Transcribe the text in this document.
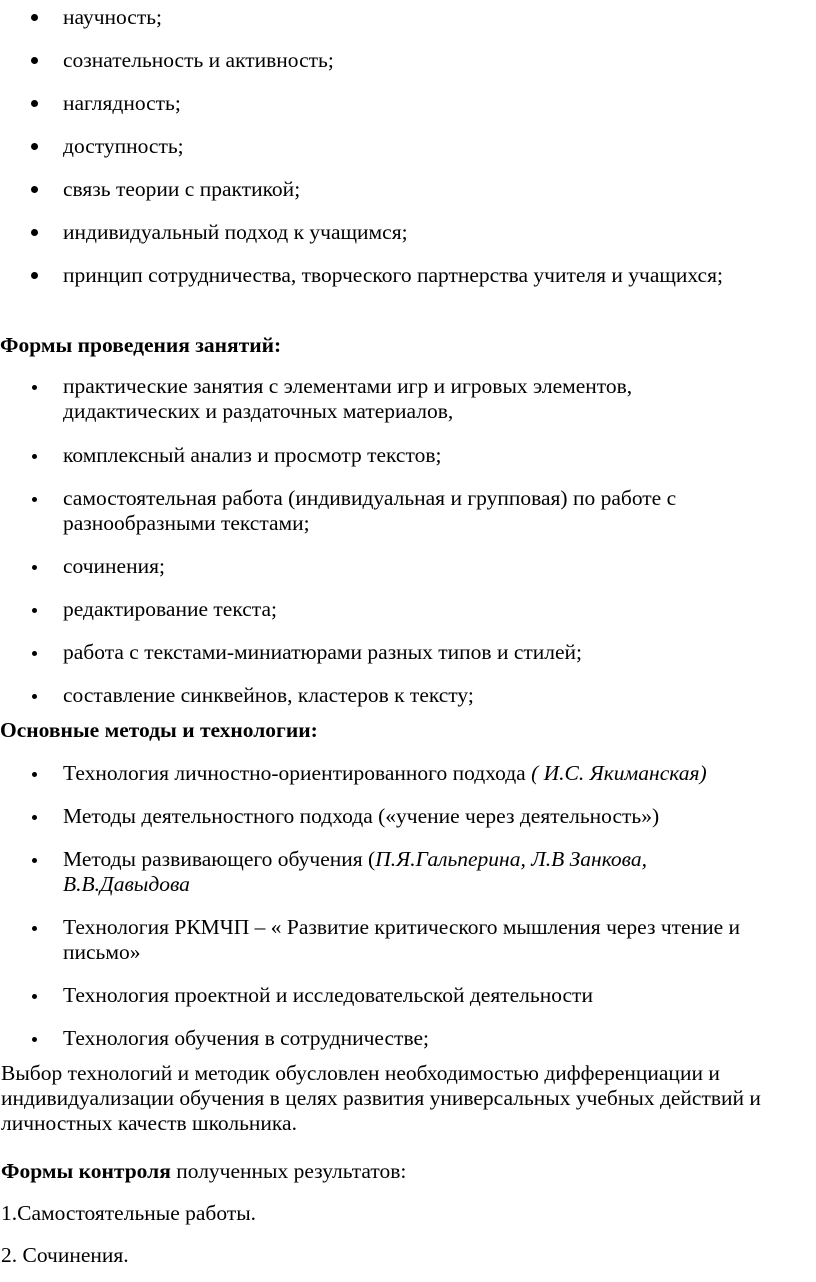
научность;
сознательность и активность;
наглядность;
доступность;
связь теории с практикой;
индивидуальный подход к учащимся;
принцип сотрудничества, творческого партнерства учителя и учащихся;
Формы проведения занятий:
практические занятия с элементами игр и игровых элементов, дидактических и раздаточных материалов,
комплексный анализ и просмотр текстов;
самостоятельная работа (индивидуальная и групповая) по работе с разнообразными текстами;
сочинения;
редактирование текста;
работа с текстами-миниатюрами разных типов и стилей;
составление синквейнов, кластеров к тексту;
Основные методы и технологии:
Технология личностно-ориентированного подхода ( И.С. Якиманская)
Методы деятельностного подхода («учение через деятельность»)
Методы развивающего обучения (П.Я.Гальперина, Л.В Занкова, В.В.Давыдова
Технология РКМЧП – « Развитие критического мышления через чтение и письмо»
Технология проектной и исследовательской деятельности
Технология обучения в сотрудничестве;

Выбор технологий и методик обусловлен необходимостью дифференциации и индивидуализации обучения в целях развития универсальных учебных действий и личностных качеств школьника.

Формы контроля полученных результатов:

1.Самостоятельные работы.

2. Сочинения.
